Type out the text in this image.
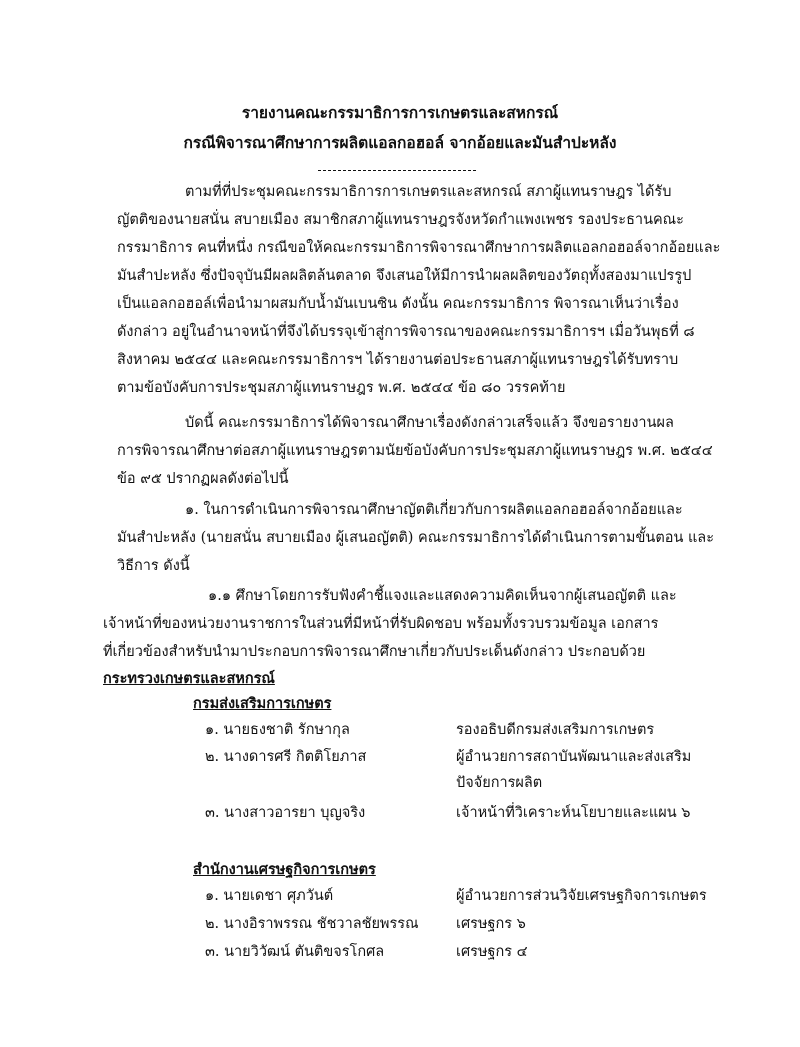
รายงานคณะกรรมาธิการการเกษตรและสหกรณ์
กรณีพิจารณาศึกษาการผลิตแอลกอฮอล์ จากอ้อยและมันสำปะหลัง
ตามที่ที่ประชุมคณะกรรมาธิการการเกษตรและสหกรณ์ สภาผู้แทนราษฎร ได้รับ
ญัตติของนายสนั่น สบายเมือง สมาชิกสภาผู้แทนราษฎรจังหวัดกำแพงเพชร รองประธานคณะ
กรรมาธิการ คนที่หนึ่ง กรณีขอให้คณะกรรมาธิการพิจารณาศึกษาการผลิตแอลกอฮอล์จากอ้อยและ
มันสำปะหลัง ซึ่งปัจจุบันมีผลผลิตล้นตลาด จึงเสนอให้มีการนำผลผลิตของวัตถุทั้งสองมาแปรรูป
เป็นแอลกอฮอล์เพื่อนำมาผสมกับน้ำมันเบนซิน ดังนั้น คณะกรรมาธิการ พิจารณาเห็นว่าเรื่อง
ดังกล่าว อยู่ในอำนาจหน้าที่จึงได้บรรจุเข้าสู่การพิจารณาของคณะกรรมาธิการฯ เมื่อวันพุธที่ ๘
สิงหาคม ๒๕๔๔ และคณะกรรมาธิการฯ ได้รายงานต่อประธานสภาผู้แทนราษฎรได้รับทราบ
ตามข้อบังคับการประชุมสภาผู้แทนราษฎร พ.ศ. ๒๕๔๔ ข้อ ๘๐ วรรคท้าย
บัดนี้ คณะกรรมาธิการได้พิจารณาศึกษาเรื่องดังกล่าวเสร็จแล้ว จึงขอรายงานผล
การพิจารณาศึกษาต่อสภาผู้แทนราษฎรตามนัยข้อบังคับการประชุมสภาผู้แทนราษฎร พ.ศ. ๒๕๔๔
ข้อ ๙๕ ปรากฏผลดังต่อไปนี้
๑. ในการดำเนินการพิจารณาศึกษาญัตติเกี่ยวกับการผลิตแอลกอฮอล์จากอ้อยและ
มันสำปะหลัง (นายสนั่น สบายเมือง ผู้เสนอญัตติ) คณะกรรมาธิการได้ดำเนินการตามขั้นตอน และ
วิธีการ ดังนี้
๑.๑ ศึกษาโดยการรับฟังคำชี้แจงและแสดงความคิดเห็นจากผู้เสนอญัตติ และ
เจ้าหน้าที่ของหน่วยงานราชการในส่วนที่มีหน้าที่รับผิดชอบ พร้อมทั้งรวบรวมข้อมูล เอกสาร
ที่เกี่ยวข้องสำหรับนำมาประกอบการพิจารณาศึกษาเกี่ยวกับประเด็นดังกล่าว ประกอบด้วย
กระทรวงเกษตรและสหกรณ์
กรมส่งเสริมการเกษตร
๑. นายธงชาติ รักษากุล	รองอธิบดีกรมส่งเสริมการเกษตร
๒. นางดารศรี กิตติโยภาส	ผู้อำนวยการสถาบันพัฒนาและส่งเสริม
ปัจจัยการผลิต
๓. นางสาวอารยา บุญจริง	เจ้าหน้าที่วิเคราะห์นโยบายและแผน ๖
สำนักงานเศรษฐกิจการเกษตร
๑. นายเดชา ศุภวันต์	ผู้อำนวยการส่วนวิจัยเศรษฐกิจการเกษตร
๒. นางอิราพรรณ ชัชวาลชัยพรรณ	เศรษฐกร ๖
๓. นายวิวัฒน์ ตันติขจรโกศล	เศรษฐกร ๔
